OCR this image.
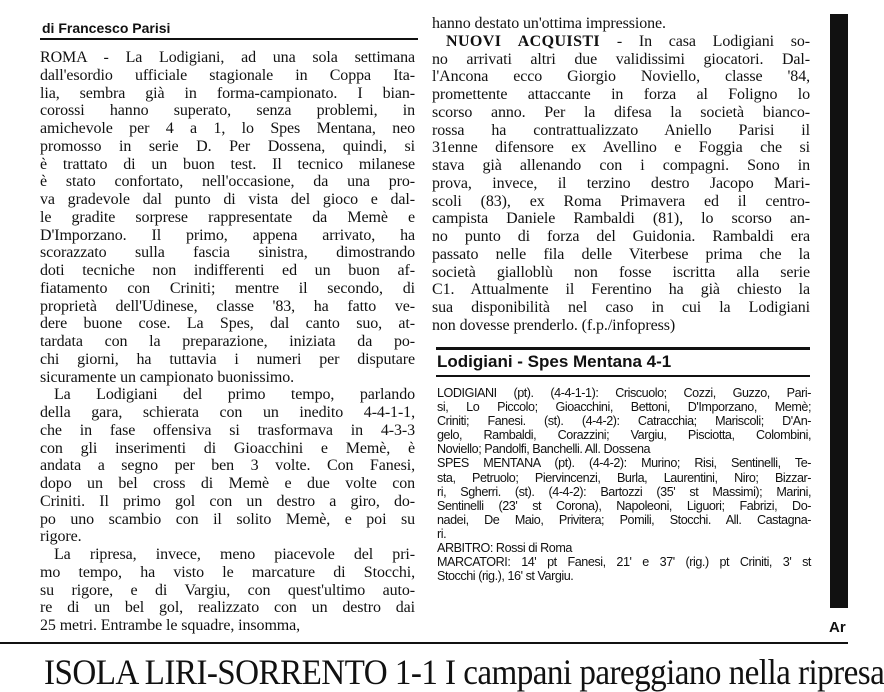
di Francesco Parisi
ROMA - La Lodigiani, ad una sola settimana
dall'esordio ufficiale stagionale in Coppa Ita-
lia, sembra già in forma-campionato. I bian-
corossi hanno superato, senza problemi, in
amichevole per 4 a 1, lo Spes Mentana, neo
promosso in serie D. Per Dossena, quindi, si
è trattato di un buon test. Il tecnico milanese
è stato confortato, nell'occasione, da una pro-
va gradevole dal punto di vista del gioco e dal-
le gradite sorprese rappresentate da Memè e
D'Imporzano. Il primo, appena arrivato, ha
scorazzato sulla fascia sinistra, dimostrando
doti tecniche non indifferenti ed un buon af-
fiatamento con Criniti; mentre il secondo, di
proprietà dell'Udinese, classe '83, ha fatto ve-
dere buone cose. La Spes, dal canto suo, at-
tardata con la preparazione, iniziata da po-
chi giorni, ha tuttavia i numeri per disputare
sicuramente un campionato buonissimo.
La Lodigiani del primo tempo, parlando
della gara, schierata con un inedito 4-4-1-1,
che in fase offensiva si trasformava in 4-3-3
con gli inserimenti di Gioacchini e Memè, è
andata a segno per ben 3 volte. Con Fanesi,
dopo un bel cross di Memè e due volte con
Criniti. Il primo gol con un destro a giro, do-
po uno scambio con il solito Memè, e poi su
rigore.
La ripresa, invece, meno piacevole del pri-
mo tempo, ha visto le marcature di Stocchi,
su rigore, e di Vargiu, con quest'ultimo auto-
re di un bel gol, realizzato con un destro dai
25 metri. Entrambe le squadre, insomma,
hanno destato un'ottima impressione.
NUOVI ACQUISTI - In casa Lodigiani so-
no arrivati altri due validissimi giocatori. Dal-
l'Ancona ecco Giorgio Noviello, classe '84,
promettente attaccante in forza al Foligno lo
scorso anno. Per la difesa la società bianco-
rossa ha contrattualizzato Aniello Parisi il
31enne difensore ex Avellino e Foggia che si
stava già allenando con i compagni. Sono in
prova, invece, il terzino destro Jacopo Mari-
scoli (83), ex Roma Primavera ed il centro-
campista Daniele Rambaldi (81), lo scorso an-
no punto di forza del Guidonia. Rambaldi era
passato nelle fila delle Viterbese prima che la
società gialloblù non fosse iscritta alla serie
C1. Attualmente il Ferentino ha già chiesto la
sua disponibilità nel caso in cui la Lodigiani
non dovesse prenderlo. (f.p./infopress)
Lodigiani - Spes Mentana 4-1
LODIGIANI (pt). (4-4-1-1): Criscuolo; Cozzi, Guzzo, Pari-
si, Lo Piccolo; Gioacchini, Bettoni, D'Imporzano, Memè;
Criniti; Fanesi. (st). (4-4-2): Catracchia; Mariscoli; D'An-
gelo, Rambaldi, Corazzini; Vargiu, Pisciotta, Colombini,
Noviello; Pandolfi, Banchelli. All. Dossena
SPES MENTANA (pt). (4-4-2): Murino; Risi, Sentinelli, Te-
sta, Petruolo; Piervincenzi, Burla, Laurentini, Niro; Bizzar-
ri, Sgherri. (st). (4-4-2): Bartozzi (35' st Massimi); Marini,
Sentinelli (23' st Corona), Napoleoni, Liguori; Fabrizi, Do-
nadei, De Maio, Privitera; Pomili, Stocchi. All. Castagna-
ri.
ARBITRO: Rossi di Roma
MARCATORI: 14' pt Fanesi, 21' e 37' (rig.) pt Criniti, 3' st
Stocchi (rig.), 16' st Vargiu.
Ar
ISOLA LIRI-SORRENTO 1-1 I campani pareggiano nella ripresa
